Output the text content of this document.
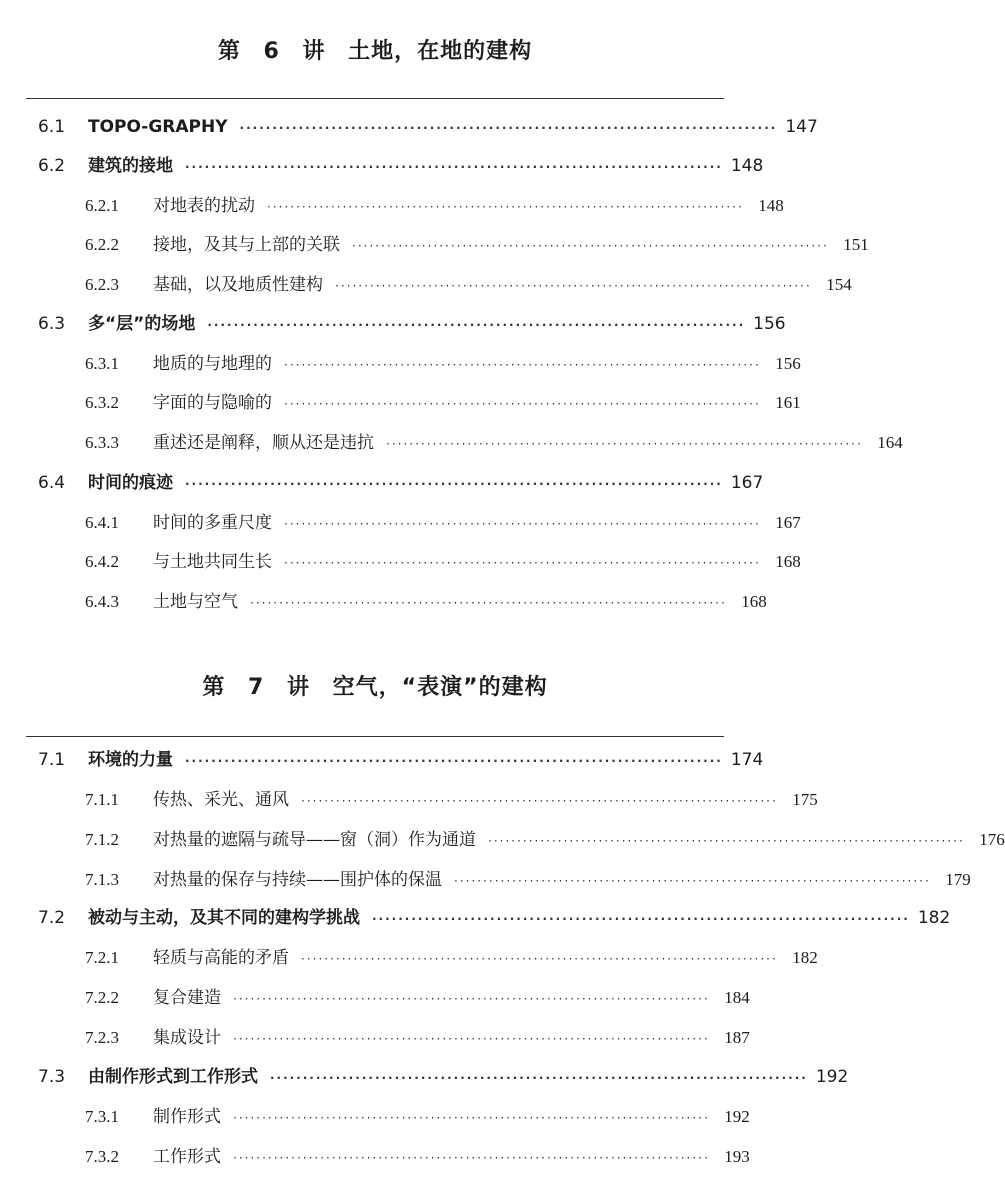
第 6 讲 土地，在地的建构
6.1	TOPO-GRAPHY ·················································································· 147
6.2	建筑的接地 ·················································································· 148
6.2.1	对地表的扰动 ·················································································· 148
6.2.2	接地，及其与上部的关联 ·················································································· 151
6.2.3	基础，以及地质性建构 ·················································································· 154
6.3	多“层”的场地 ·················································································· 156
6.3.1	地质的与地理的 ·················································································· 156
6.3.2	字面的与隐喻的 ·················································································· 161
6.3.3	重述还是阐释，顺从还是违抗 ·················································································· 164
6.4	时间的痕迹 ·················································································· 167
6.4.1	时间的多重尺度 ·················································································· 167
6.4.2	与土地共同生长 ·················································································· 168
6.4.3	土地与空气 ·················································································· 168
第 7 讲 空气，“表演”的建构
7.1	环境的力量 ·················································································· 174
7.1.1	传热、采光、通风 ·················································································· 175
7.1.2	对热量的遮隔与疏导——窗（洞）作为通道 ·················································································· 176
7.1.3	对热量的保存与持续——围护体的保温 ·················································································· 179
7.2	被动与主动，及其不同的建构学挑战 ·················································································· 182
7.2.1	轻质与高能的矛盾 ·················································································· 182
7.2.2	复合建造 ·················································································· 184
7.2.3	集成设计 ·················································································· 187
7.3	由制作形式到工作形式 ·················································································· 192
7.3.1	制作形式 ·················································································· 192
7.3.2	工作形式 ·················································································· 193
